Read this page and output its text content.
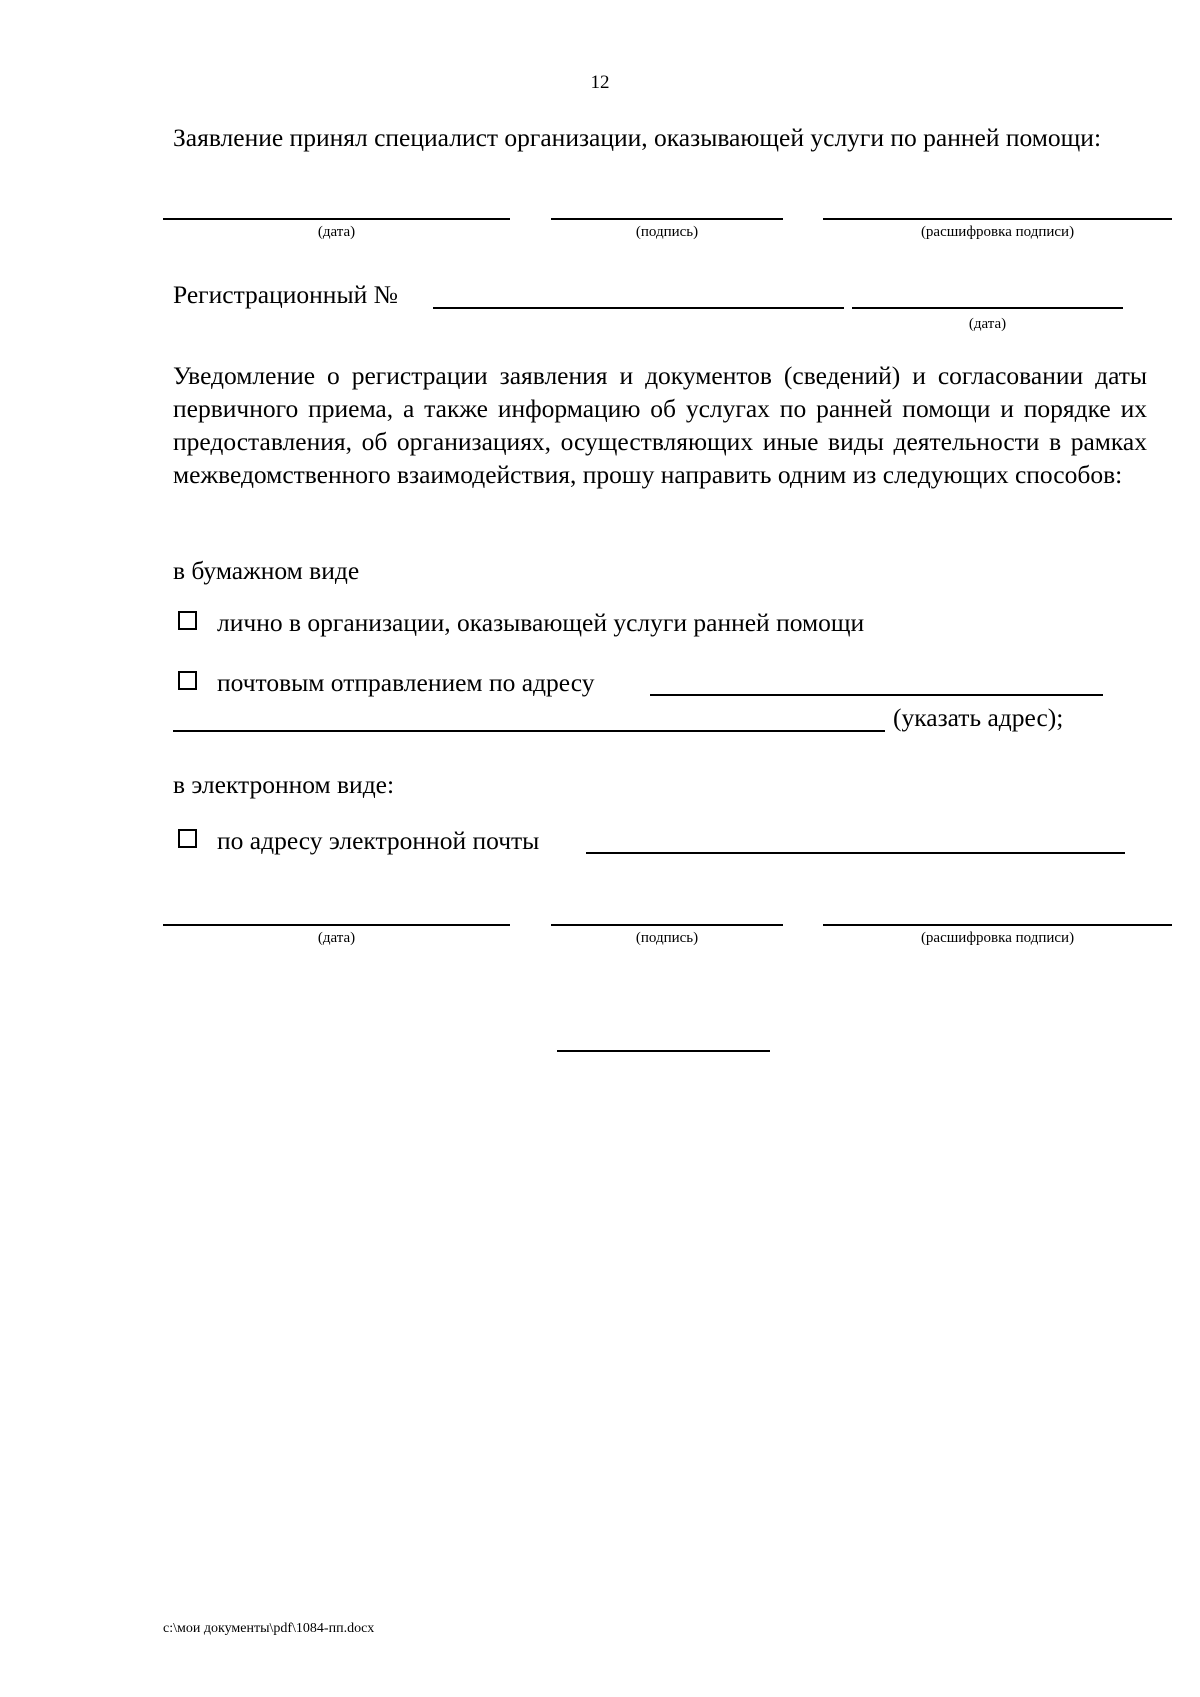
12
Заявление принял специалист организации, оказывающей услуги по ранней помощи:
(дата)	(подпись)	(расшифровка подписи)
Регистрационный №
(дата)
Уведомление о регистрации заявления и документов (сведений) и согласовании даты первичного приема, а также информацию об услугах по ранней помощи и порядке их предоставления, об организациях, осуществляющих иные виды деятельности в рамках межведомственного взаимодействия, прошу направить одним из следующих способов:
в бумажном виде
лично в организации, оказывающей услуги ранней помощи
почтовым отправлением по адресу
(указать адрес);
в электронном виде:
по адресу электронной почты
(дата)	(подпись)	(расшифровка подписи)
c:\мои документы\pdf\1084-пп.docx
